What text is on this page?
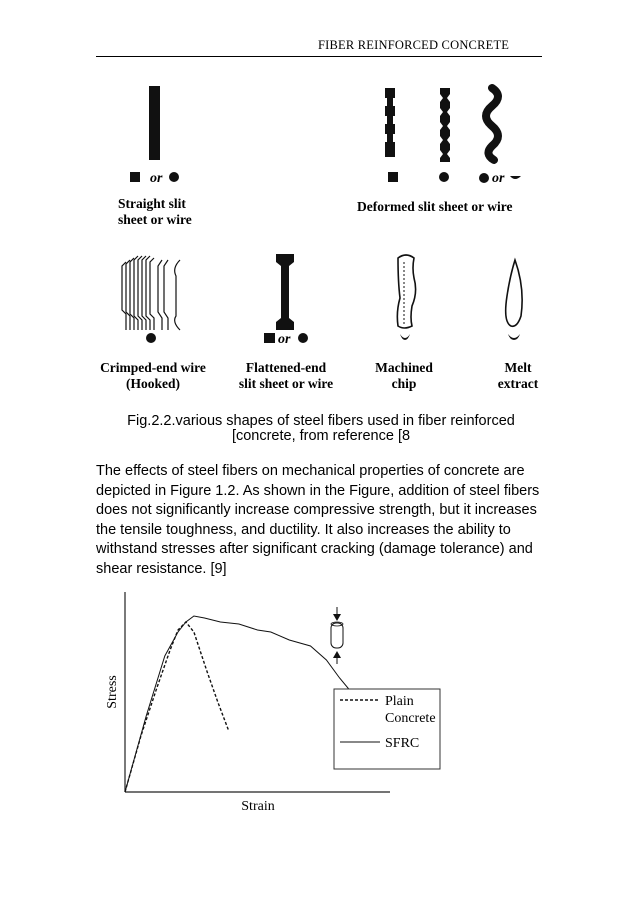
FIBER REINFORCED CONCRETE
or	or
or
Straight slit
sheet or wire
Deformed slit sheet or wire
Crimped-end wire
(Hooked)
Flattened-end
slit sheet or wire
Machined
chip
Melt
extract
Fig.2.2.various shapes of steel fibers used in fiber reinforced
[concrete, from reference [8
The effects of steel fibers on mechanical properties of concrete are depicted in Figure 1.2. As shown in the Figure, addition of steel fibers does not significantly increase compressive strength, but it increases the tensile toughness, and ductility. It also increases the ability to withstand stresses after significant cracking (damage tolerance) and shear resistance. [9]
Stress
Strain
Plain Concrete
SFRC
